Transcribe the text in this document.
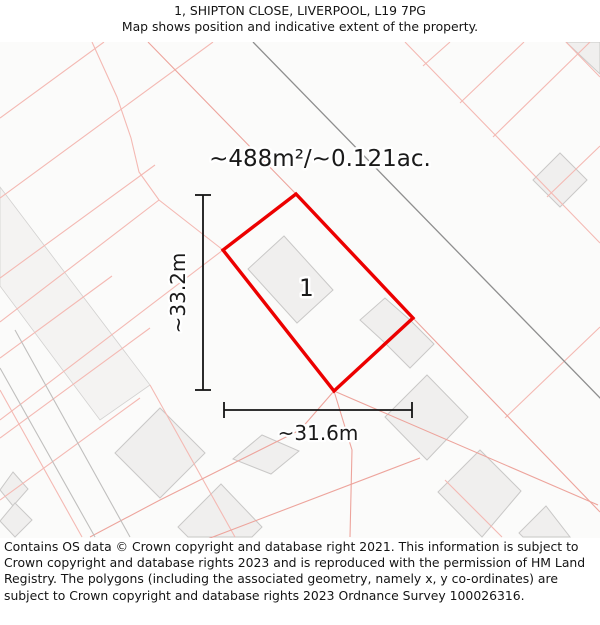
1, SHIPTON CLOSE, LIVERPOOL, L19 7PG
Map shows position and indicative extent of the property.
~488m²/~0.121ac.
1
~31.6m
~33.2m

Contains OS data © Crown copyright and database right 2021. This information is subject to Crown copyright and database rights 2023 and is reproduced with the permission of HM Land Registry. The polygons (including the associated geometry, namely x, y co-ordinates) are subject to Crown copyright and database rights 2023 Ordnance Survey 100026316.
